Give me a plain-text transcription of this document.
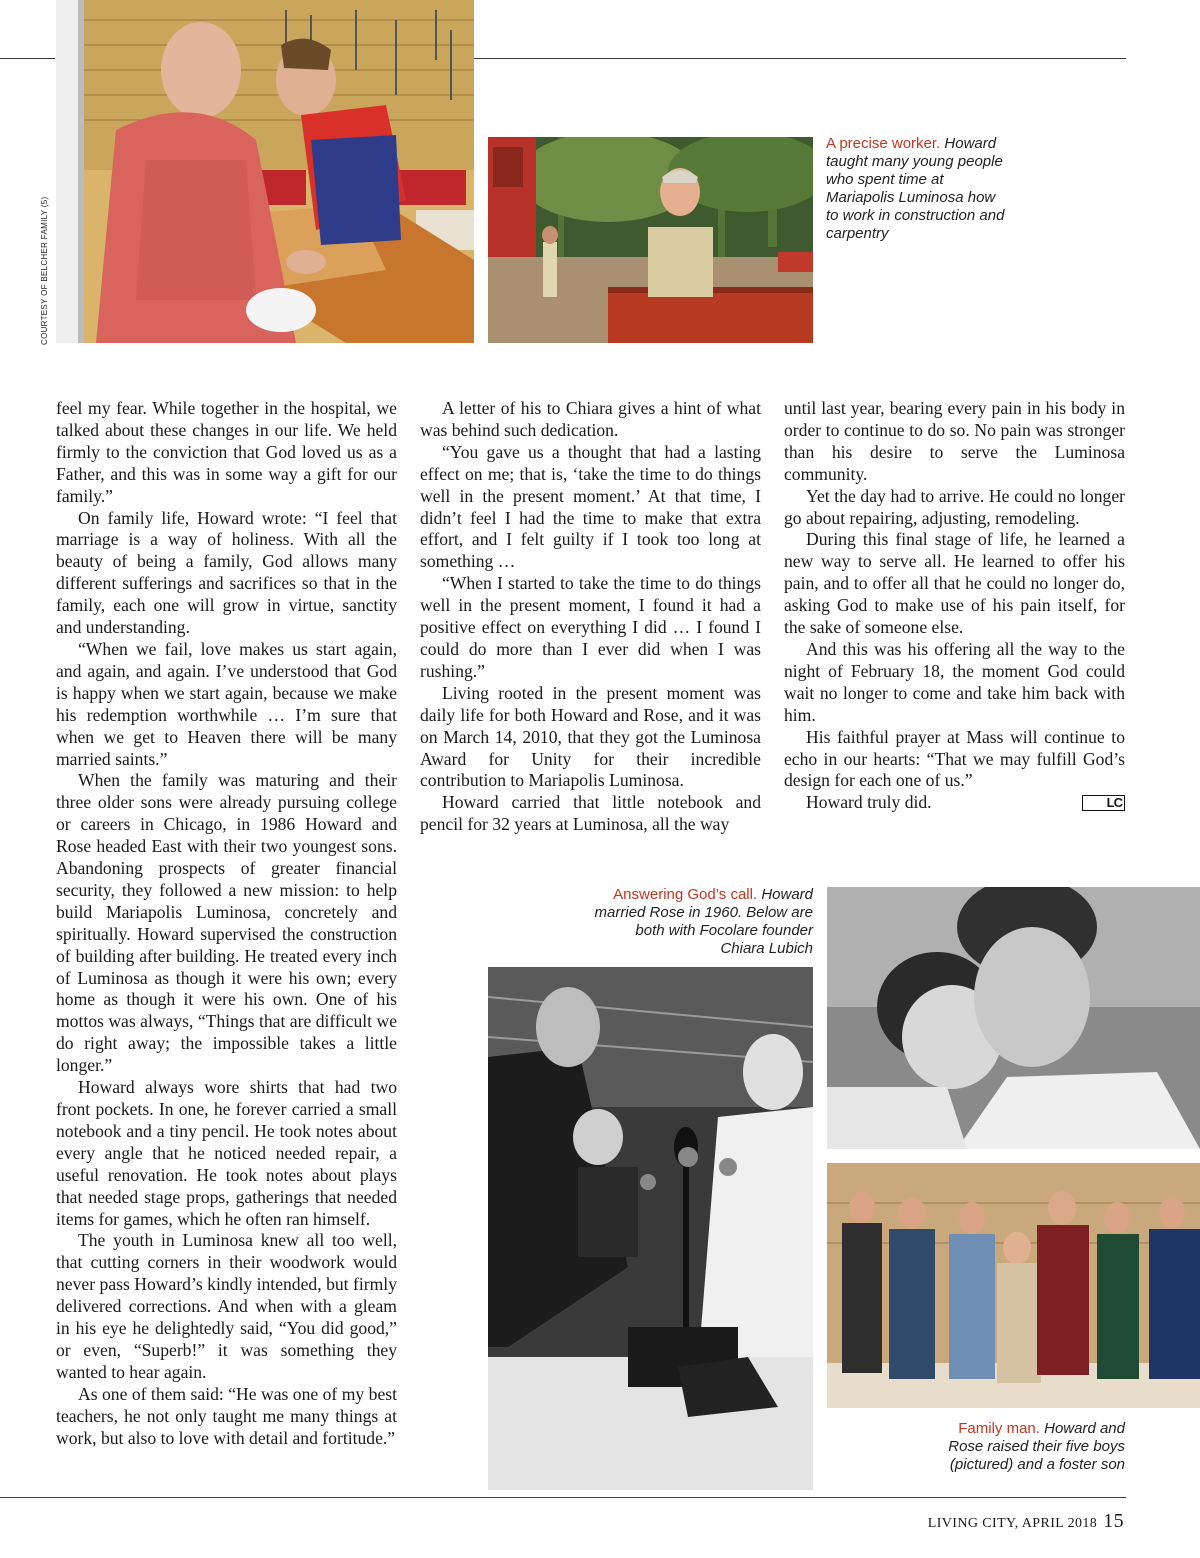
COURTESY OF BELCHER FAMILY (5)
A precise worker. Howard taught many young people who spent time at Mariapolis Luminosa how to work in construction and carpentry

feel my fear. While together in the hospital, we talked about these changes in our life. We held firmly to the conviction that God loved us as a Father, and this was in some way a gift for our family.”

On family life, Howard wrote: “I feel that marriage is a way of holiness. With all the beauty of being a family, God allows many different sufferings and sacrifices so that in the family, each one will grow in virtue, sanctity and understanding.

“When we fail, love makes us start again, and again, and again. I’ve understood that God is happy when we start again, because we make his redemption worthwhile … I’m sure that when we get to Heaven there will be many married saints.”

When the family was maturing and their three older sons were already pursuing college or careers in Chicago, in 1986 Howard and Rose headed East with their two youngest sons. Abandoning prospects of greater financial security, they followed a new mission: to help build Mariapolis Luminosa, concretely and spiritually. Howard supervised the construction of building after building. He treated every inch of Luminosa as though it were his own; every home as though it were his own. One of his mottos was always, “Things that are difficult we do right away; the impossible takes a little longer.”

Howard always wore shirts that had two front pockets. In one, he forever carried a small notebook and a tiny pencil. He took notes about every angle that he noticed needed repair, a useful renovation. He took notes about plays that needed stage props, gatherings that needed items for games, which he often ran himself.

The youth in Luminosa knew all too well, that cutting corners in their woodwork would never pass Howard’s kindly intended, but firmly delivered corrections. And when with a gleam in his eye he delightedly said, “You did good,” or even, “Superb!” it was something they wanted to hear again.

As one of them said: “He was one of my best teachers, he not only taught me many things at work, but also to love with detail and fortitude.”

A letter of his to Chiara gives a hint of what was behind such dedication.

“You gave us a thought that had a lasting effect on me; that is, ‘take the time to do things well in the present moment.’ At that time, I didn’t feel I had the time to make that extra effort, and I felt guilty if I took too long at something …

“When I started to take the time to do things well in the present moment, I found it had a positive effect on everything I did … I found I could do more than I ever did when I was rushing.”

Living rooted in the present moment was daily life for both Howard and Rose, and it was on March 14, 2010, that they got the Luminosa Award for Unity for their incredible contribution to Mariapolis Luminosa.

Howard carried that little notebook and pencil for 32 years at Luminosa, all the way

until last year, bearing every pain in his body in order to continue to do so. No pain was stronger than his desire to serve the Luminosa community.

Yet the day had to arrive. He could no longer go about repairing, adjusting, remodeling.

During this final stage of life, he learned a new way to serve all. He learned to offer his pain, and to offer all that he could no longer do, asking God to make use of his pain itself, for the sake of someone else.

And this was his offering all the way to the night of February 18, the moment God could wait no longer to come and take him back with him.

His faithful prayer at Mass will continue to echo in our hearts: “That we may fulfill God’s design for each one of us.”

Howard truly did.	LC

Answering God’s call. Howard married Rose in 1960. Below are both with Focolare founder Chiara Lubich
Family man. Howard and Rose raised their five boys (pictured) and a foster son
LIVING CITY, APRIL 2018 15
